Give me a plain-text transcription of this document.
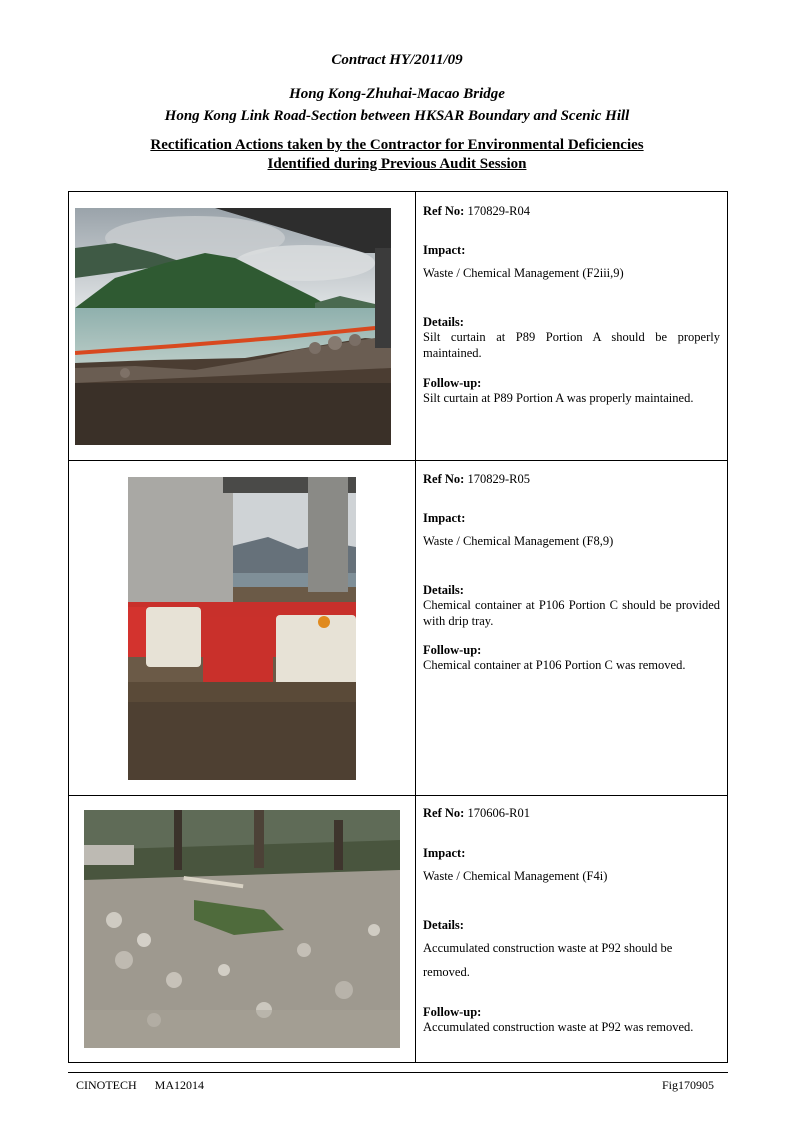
Contract HY/2011/09
Hong Kong-Zhuhai-Macao Bridge
Hong Kong Link Road-Section between HKSAR Boundary and Scenic Hill
Rectification Actions taken by the Contractor for Environmental Deficiencies
Identified during Previous Audit Session
Ref No: 170829-R04
Impact:
Waste / Chemical Management (F2iii,9)
Details:
Silt curtain at P89 Portion A should be properly maintained.
Follow-up:
Silt curtain at P89 Portion A was properly maintained.
Ref No: 170829-R05
Impact:
Waste / Chemical Management (F8,9)
Details:
Chemical container at P106 Portion C should be provided with drip tray.
Follow-up:
Chemical container at P106 Portion C was removed.
Ref No: 170606-R01
Impact:
Waste / Chemical Management (F4i)
Details:
Accumulated construction waste at P92 should be
removed.
Follow-up:
Accumulated construction waste at P92 was removed.
CINOTECH MA12014	Fig170905
